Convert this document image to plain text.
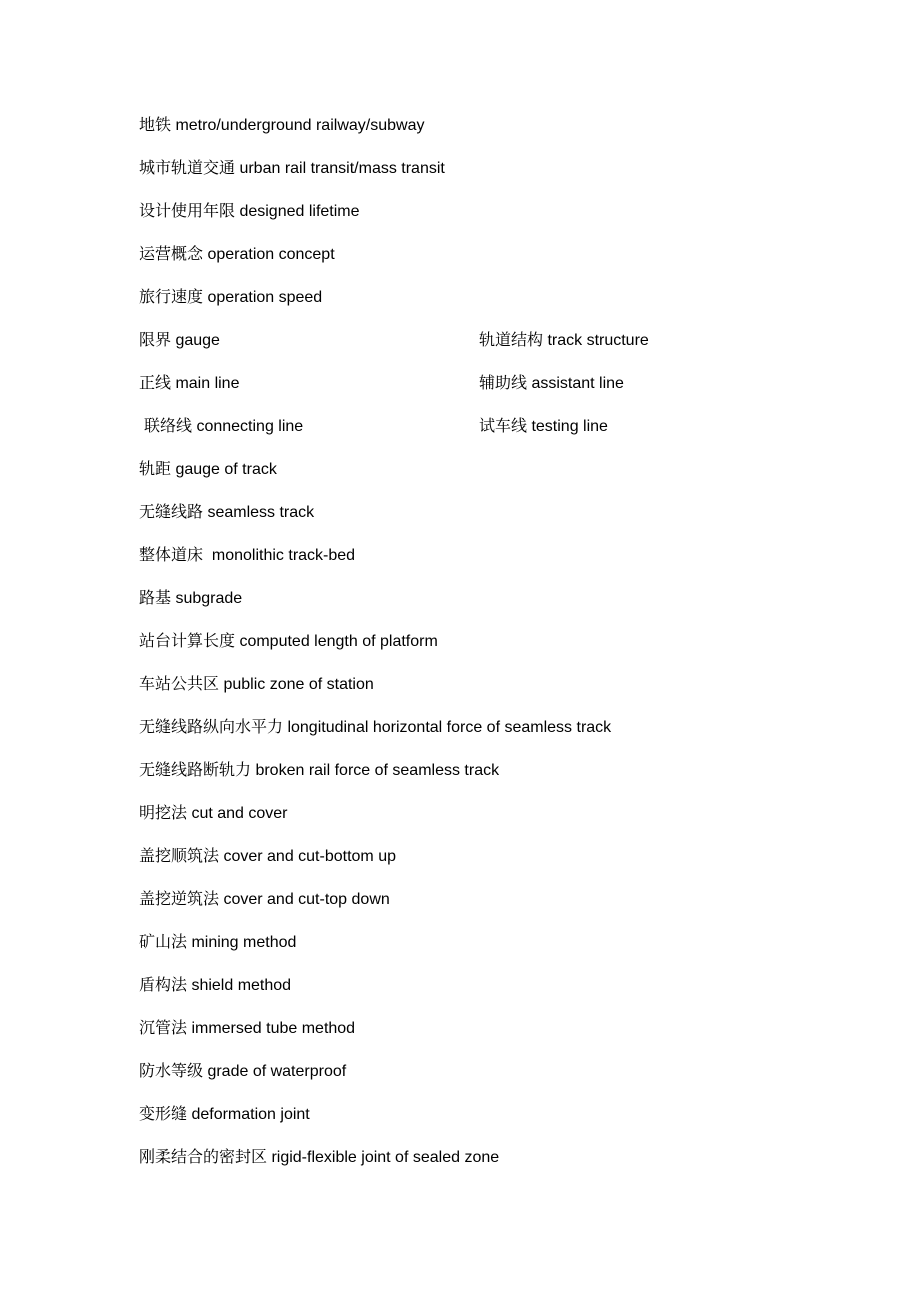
地铁 metro/underground railway/subway
城市轨道交通 urban rail transit/mass transit
设计使用年限 designed lifetime
运营概念 operation concept
旅行速度 operation speed
限界 gauge	轨道结构 track structure
正线 main line	辅助线 assistant line
联络线 connecting line	试车线 testing line
轨距 gauge of track
无缝线路 seamless track
整体道床  monolithic track-bed
路基 subgrade
站台计算长度 computed length of platform
车站公共区 public zone of station
无缝线路纵向水平力 longitudinal horizontal force of seamless track
无缝线路断轨力 broken rail force of seamless track
明挖法 cut and cover
盖挖顺筑法 cover and cut-bottom up
盖挖逆筑法 cover and cut-top down
矿山法 mining method
盾构法 shield method
沉管法 immersed tube method
防水等级 grade of waterproof
变形缝 deformation joint
刚柔结合的密封区 rigid-flexible joint of sealed zone
